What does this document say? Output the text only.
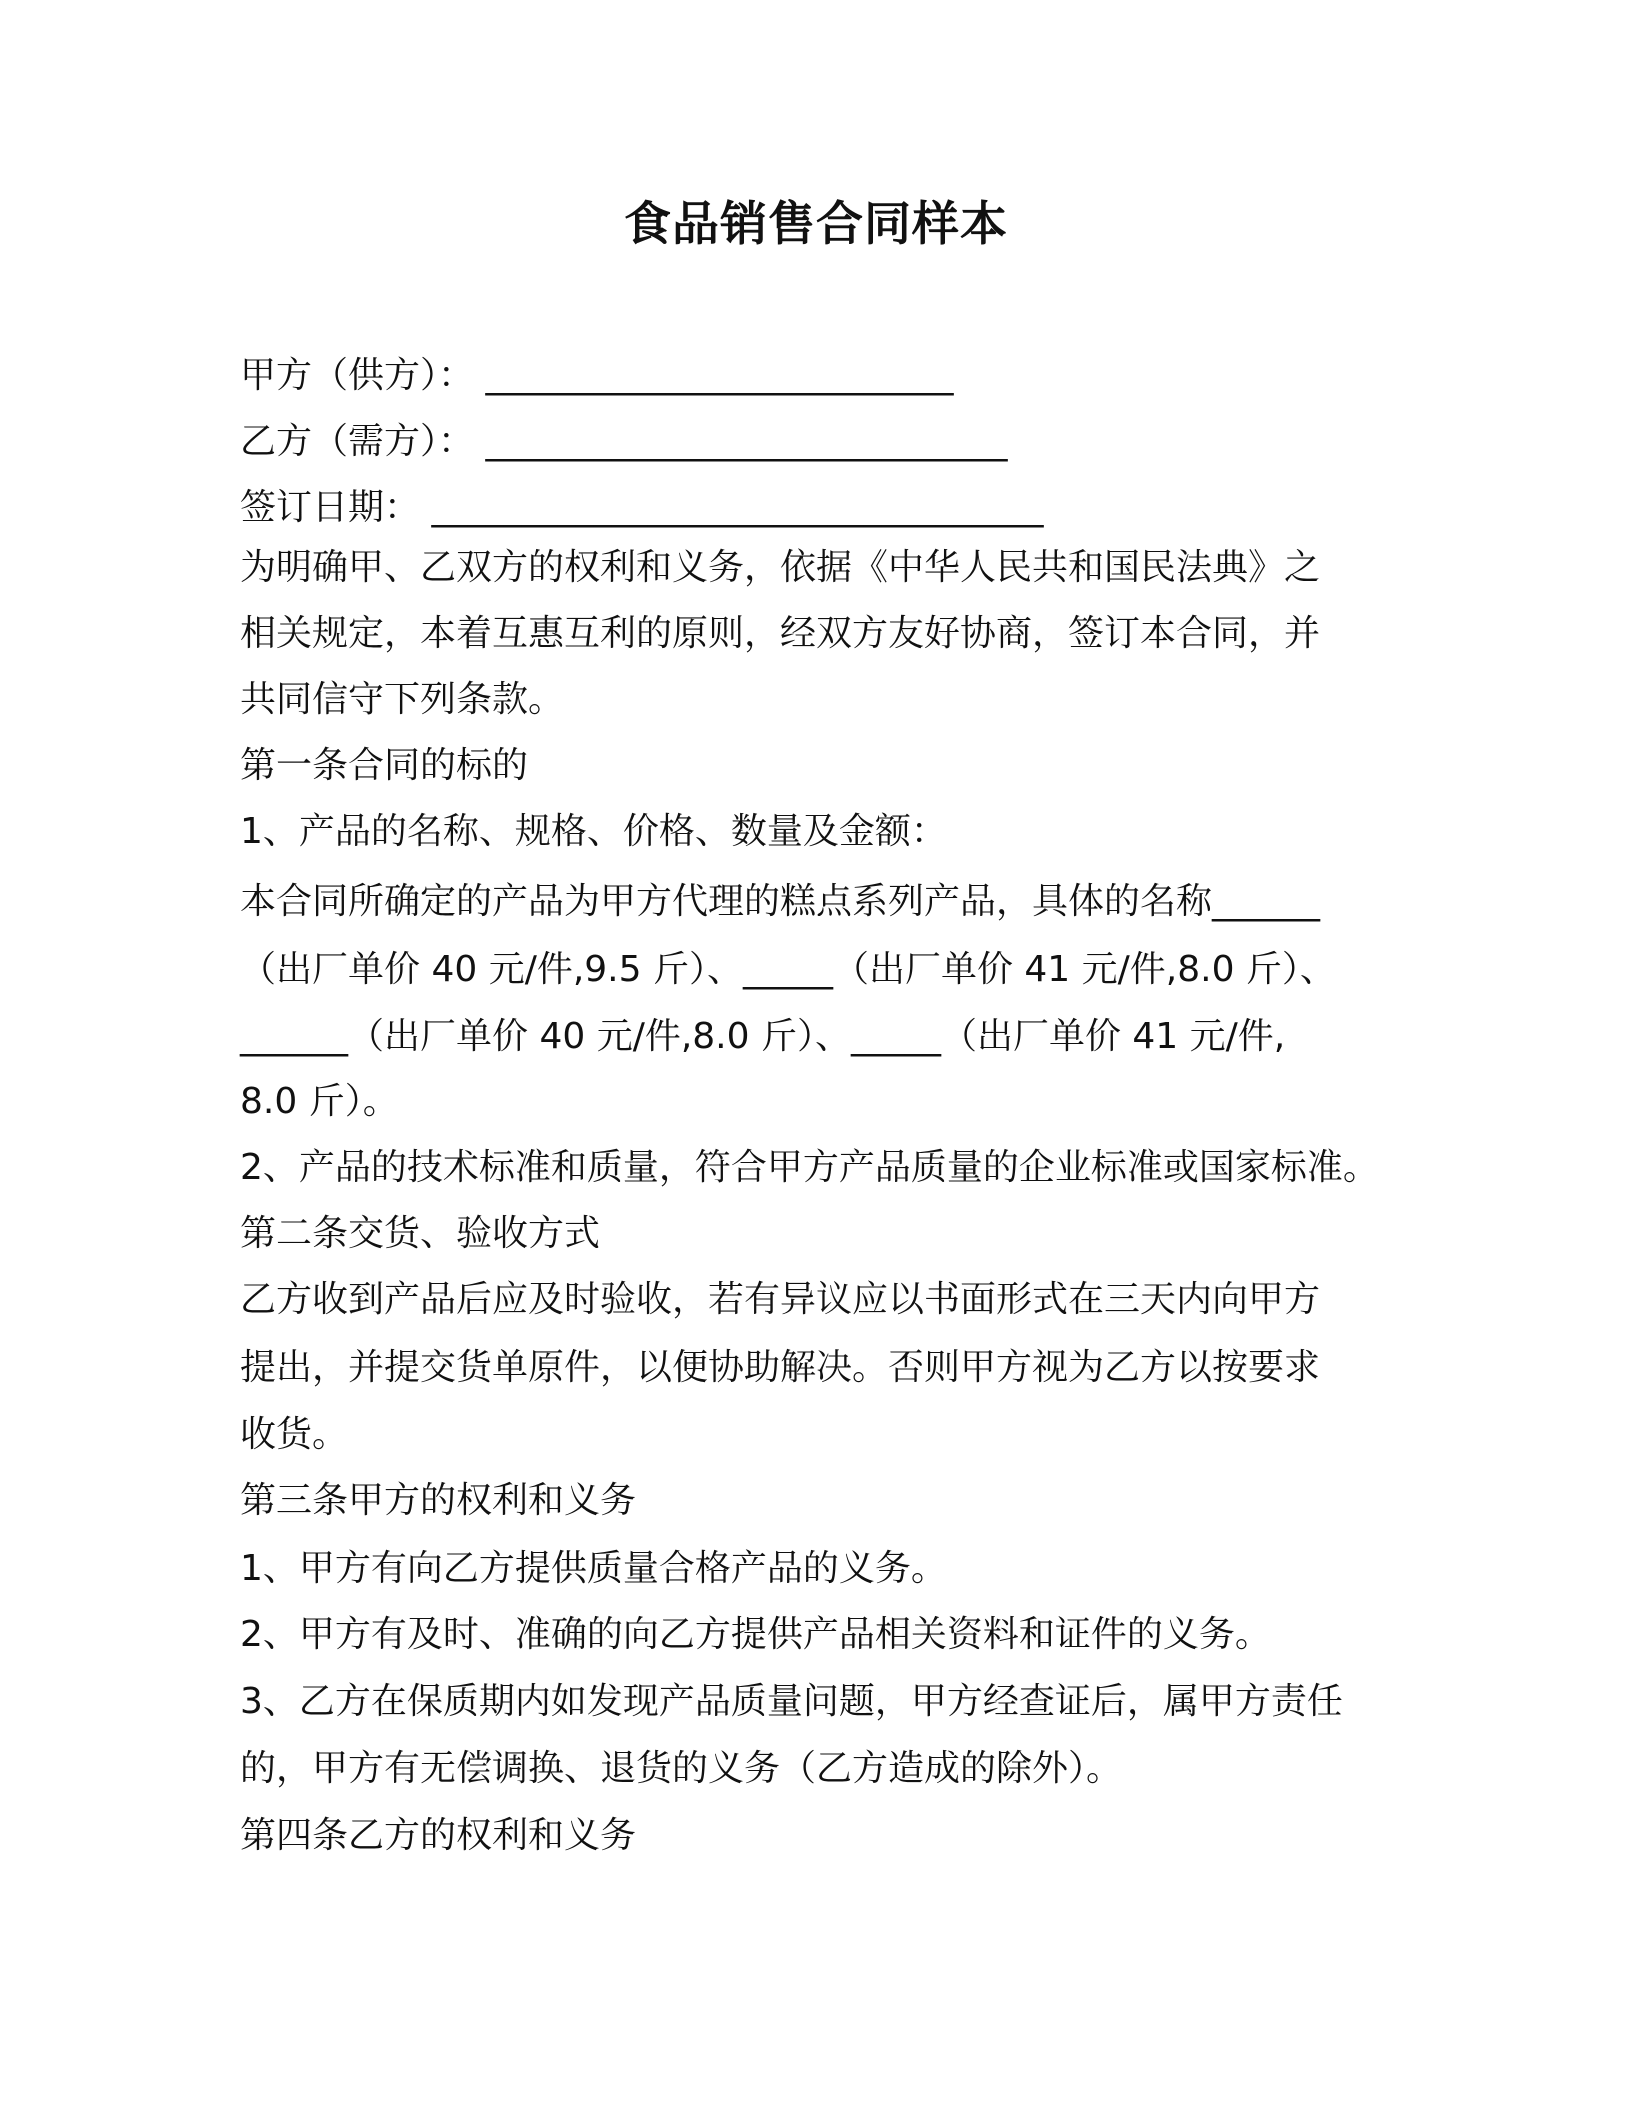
食品销售合同样本
甲方（供方）： __________________________
乙方（需方）： _____________________________
签订日期： __________________________________
为明确甲、乙双方的权利和义务，依据《中华人民共和国民法典》之
相关规定，本着互惠互利的原则，经双方友好协商，签订本合同，并
共同信守下列条款。
第一条合同的标的
1、产品的名称、规格、价格、数量及金额：
本合同所确定的产品为甲方代理的糕点系列产品，具体的名称______
（出厂单价 40 元/件,9.5 斤）、_____（出厂单价 41 元/件,8.0 斤）、
______（出厂单价 40 元/件,8.0 斤）、_____（出厂单价 41 元/件,
8.0 斤）。
2、产品的技术标准和质量，符合甲方产品质量的企业标准或国家标准。
第二条交货、验收方式
乙方收到产品后应及时验收，若有异议应以书面形式在三天内向甲方
提出，并提交货单原件，以便协助解决。否则甲方视为乙方以按要求
收货。
第三条甲方的权利和义务
1、甲方有向乙方提供质量合格产品的义务。
2、甲方有及时、准确的向乙方提供产品相关资料和证件的义务。
3、乙方在保质期内如发现产品质量问题，甲方经查证后，属甲方责任
的，甲方有无偿调换、退货的义务（乙方造成的除外）。
第四条乙方的权利和义务
